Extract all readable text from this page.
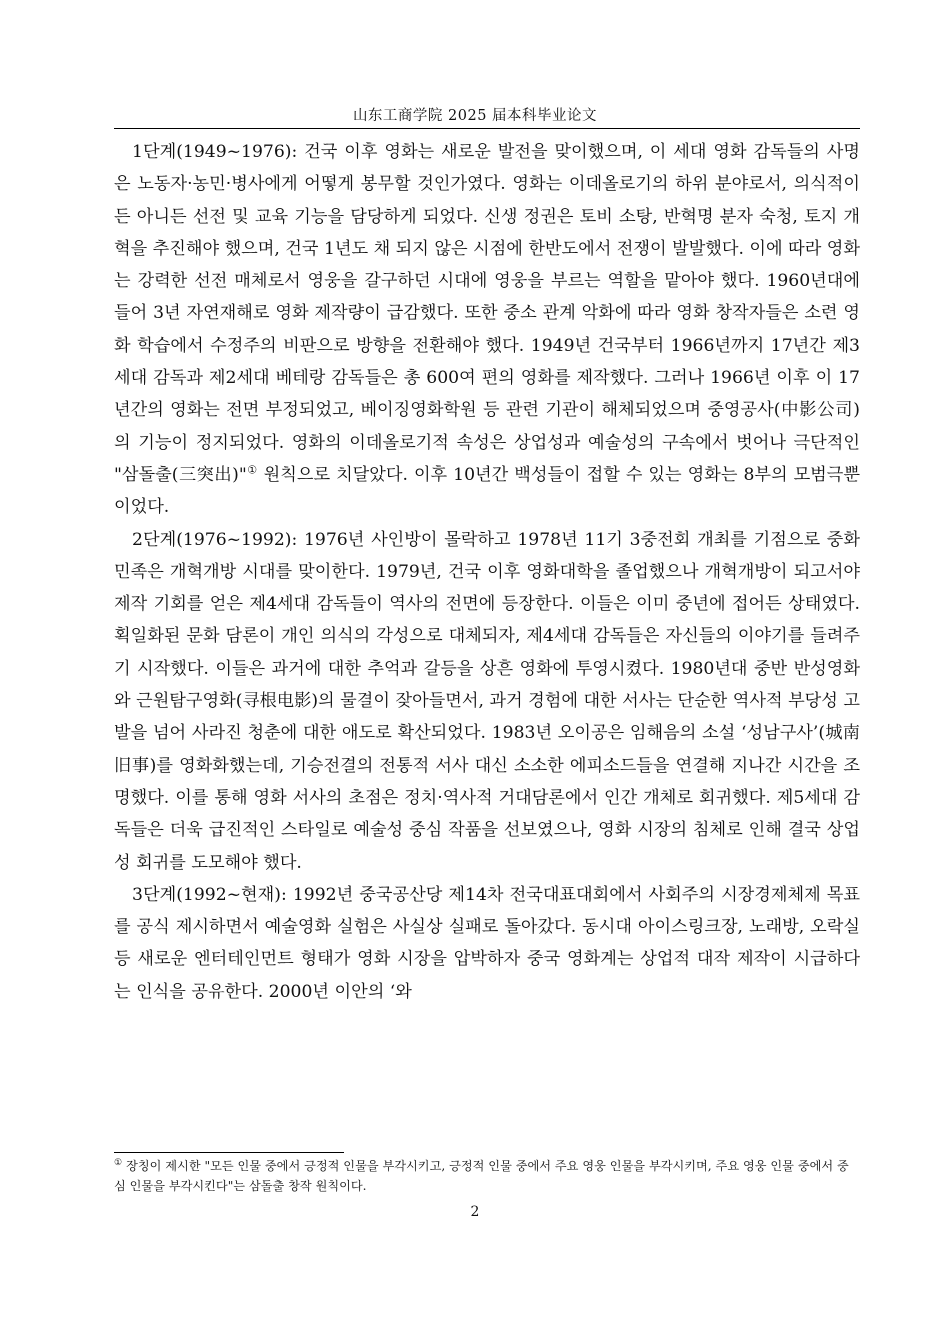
山东工商学院 2025 届本科毕业论文

1단계(1949~1976): 건국 이후 영화는 새로운 발전을 맞이했으며, 이 세대 영화 감독들의 사명은 노동자·농민·병사에게 어떻게 봉무할 것인가였다. 영화는 이데올로기의 하위 분야로서, 의식적이든 아니든 선전 및 교육 기능을 담당하게 되었다. 신생 정권은 토비 소탕, 반혁명 분자 숙청, 토지 개혁을 추진해야 했으며, 건국 1년도 채 되지 않은 시점에 한반도에서 전쟁이 발발했다. 이에 따라 영화는 강력한 선전 매체로서 영웅을 갈구하던 시대에 영웅을 부르는 역할을 맡아야 했다. 1960년대에 들어 3년 자연재해로 영화 제작량이 급감했다. 또한 중소 관계 악화에 따라 영화 창작자들은 소련 영화 학습에서 수정주의 비판으로 방향을 전환해야 했다. 1949년 건국부터 1966년까지 17년간 제3세대 감독과 제2세대 베테랑 감독들은 총 600여 편의 영화를 제작했다. 그러나 1966년 이후 이 17년간의 영화는 전면 부정되었고, 베이징영화학원 등 관련 기관이 해체되었으며 중영공사(中影公司)의 기능이 정지되었다. 영화의 이데올로기적 속성은 상업성과 예술성의 구속에서 벗어나 극단적인 "삼돌출(三突出)"① 원칙으로 치달았다. 이후 10년간 백성들이 접할 수 있는 영화는 8부의 모범극뿐이었다.

2단계(1976~1992): 1976년 사인방이 몰락하고 1978년 11기 3중전회 개최를 기점으로 중화민족은 개혁개방 시대를 맞이한다. 1979년, 건국 이후 영화대학을 졸업했으나 개혁개방이 되고서야 제작 기회를 얻은 제4세대 감독들이 역사의 전면에 등장한다. 이들은 이미 중년에 접어든 상태였다. 획일화된 문화 담론이 개인 의식의 각성으로 대체되자, 제4세대 감독들은 자신들의 이야기를 들려주기 시작했다. 이들은 과거에 대한 추억과 갈등을 상흔 영화에 투영시켰다. 1980년대 중반 반성영화와 근원탐구영화(寻根电影)의 물결이 잦아들면서, 과거 경험에 대한 서사는 단순한 역사적 부당성 고발을 넘어 사라진 청춘에 대한 애도로 확산되었다. 1983년 오이공은 임해음의 소설 ‘성남구사’(城南旧事)를 영화화했는데, 기승전결의 전통적 서사 대신 소소한 에피소드들을 연결해 지나간 시간을 조명했다. 이를 통해 영화 서사의 초점은 정치·역사적 거대담론에서 인간 개체로 회귀했다. 제5세대 감독들은 더욱 급진적인 스타일로 예술성 중심 작품을 선보였으나, 영화 시장의 침체로 인해 결국 상업성 회귀를 도모해야 했다.

3단계(1992~현재): 1992년 중국공산당 제14차 전국대표대회에서 사회주의 시장경제체제 목표를 공식 제시하면서 예술영화 실험은 사실상 실패로 돌아갔다. 동시대 아이스링크장, 노래방, 오락실 등 새로운 엔터테인먼트 형태가 영화 시장을 압박하자 중국 영화계는 상업적 대작 제작이 시급하다는 인식을 공유한다. 2000년 이안의 ‘와

① 장칭이 제시한 "모든 인물 중에서 긍정적 인물을 부각시키고, 긍정적 인물 중에서 주요 영웅 인물을 부각시키며, 주요 영웅 인물 중에서 중심 인물을 부각시킨다"는 삼돌출 창작 원칙이다.
2
